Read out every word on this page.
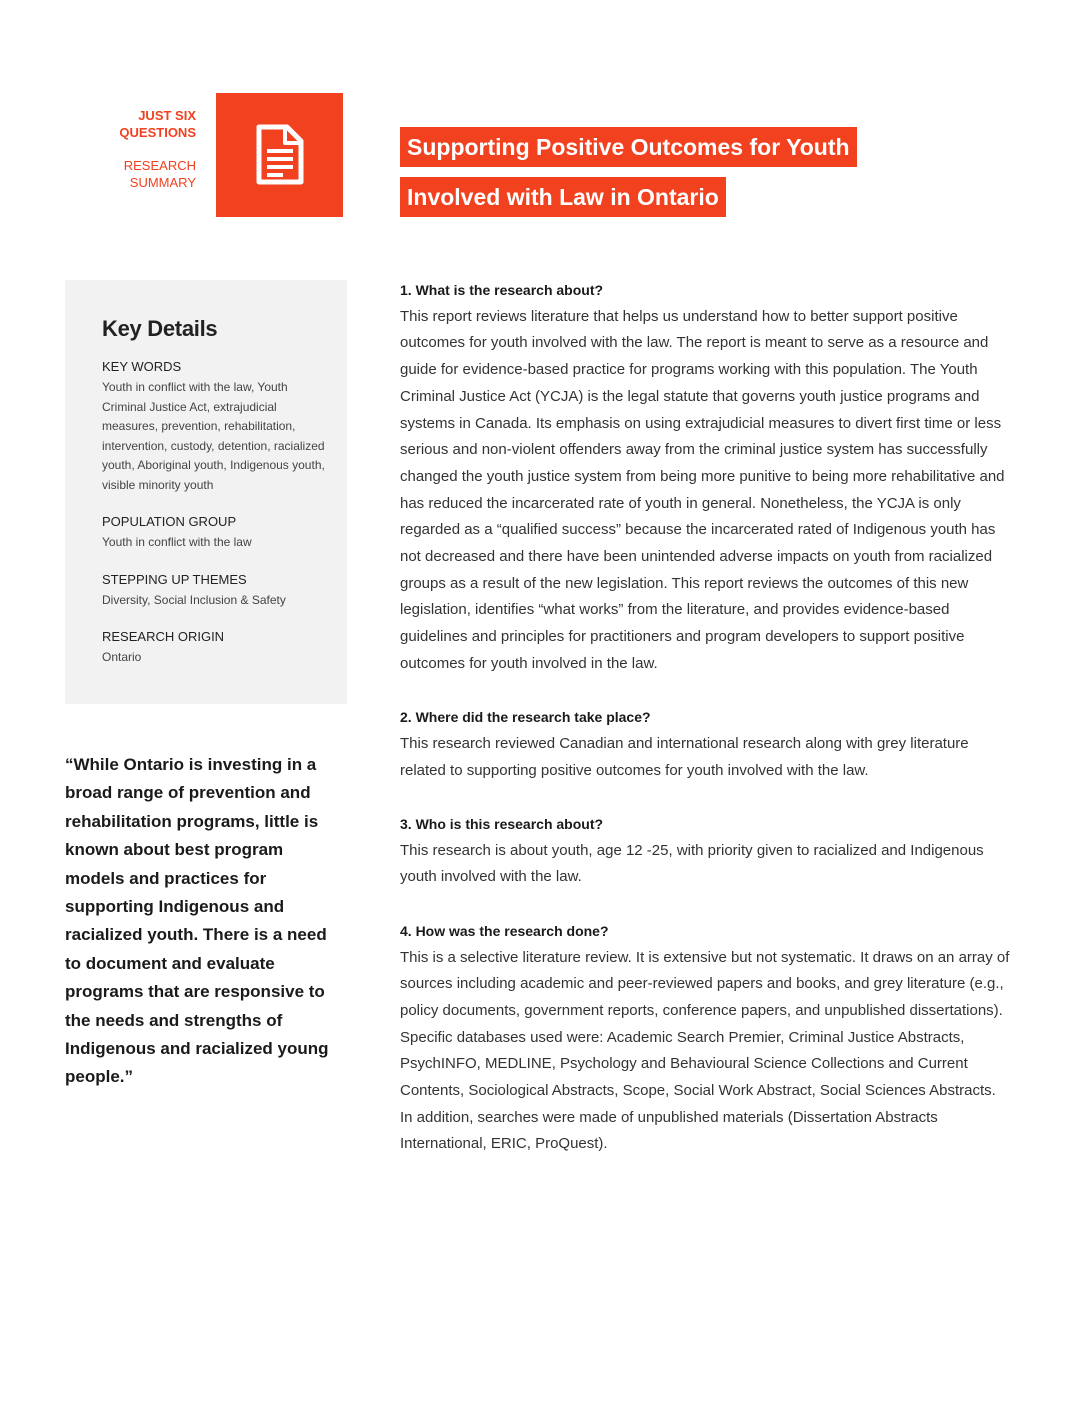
JUST SIX
QUESTIONS
RESEARCH
SUMMARY
Supporting Positive Outcomes for Youth
Involved with Law in Ontario
Key Details
KEY WORDS
Youth in conflict with the law, Youth Criminal Justice Act, extrajudicial measures, prevention, rehabilitation, intervention, custody, detention, racialized youth, Aboriginal youth, Indigenous youth, visible minority youth
POPULATION GROUP
Youth in conflict with the law
STEPPING UP THEMES
Diversity, Social Inclusion & Safety
RESEARCH ORIGIN
Ontario
“While Ontario is investing in a broad range of prevention and rehabilitation programs, little is known about best program models and practices for supporting Indigenous and racialized youth. There is a need to document and evaluate programs that are responsive to the needs and strengths of Indigenous and racialized young people.”

1. What is the research about?

This report reviews literature that helps us understand how to better support positive outcomes for youth involved with the law. The report is meant to serve as a resource and guide for evidence-based practice for programs working with this population. The Youth Criminal Justice Act (YCJA) is the legal statute that governs youth justice programs and systems in Canada. Its emphasis on using extrajudicial measures to divert first time or less serious and non-violent offenders away from the criminal justice system has successfully changed the youth justice system from being more punitive to being more rehabilitative and has reduced the incarcerated rate of youth in general. Nonetheless, the YCJA is only regarded as a “qualified success” because the incarcerated rated of Indigenous youth has not decreased and there have been unintended adverse impacts on youth from racialized groups as a result of the new legislation. This report reviews the outcomes of this new legislation, identifies “what works” from the literature, and provides evidence-based guidelines and principles for practitioners and program developers to support positive outcomes for youth involved in the law.

2. Where did the research take place?

This research reviewed Canadian and international research along with grey literature related to supporting positive outcomes for youth involved with the law.

3. Who is this research about?

This research is about youth, age 12 -25, with priority given to racialized and Indigenous youth involved with the law.

4. How was the research done?

This is a selective literature review. It is extensive but not systematic. It draws on an array of sources including academic and peer-reviewed papers and books, and grey literature (e.g., policy documents, government reports, conference papers, and unpublished dissertations). Specific databases used were: Academic Search Premier, Criminal Justice Abstracts, PsychINFO, MEDLINE, Psychology and Behavioural Science Collections and Current Contents, Sociological Abstracts, Scope, Social Work Abstract, Social Sciences Abstracts. In addition, searches were made of unpublished materials (Dissertation Abstracts International, ERIC, ProQuest).
